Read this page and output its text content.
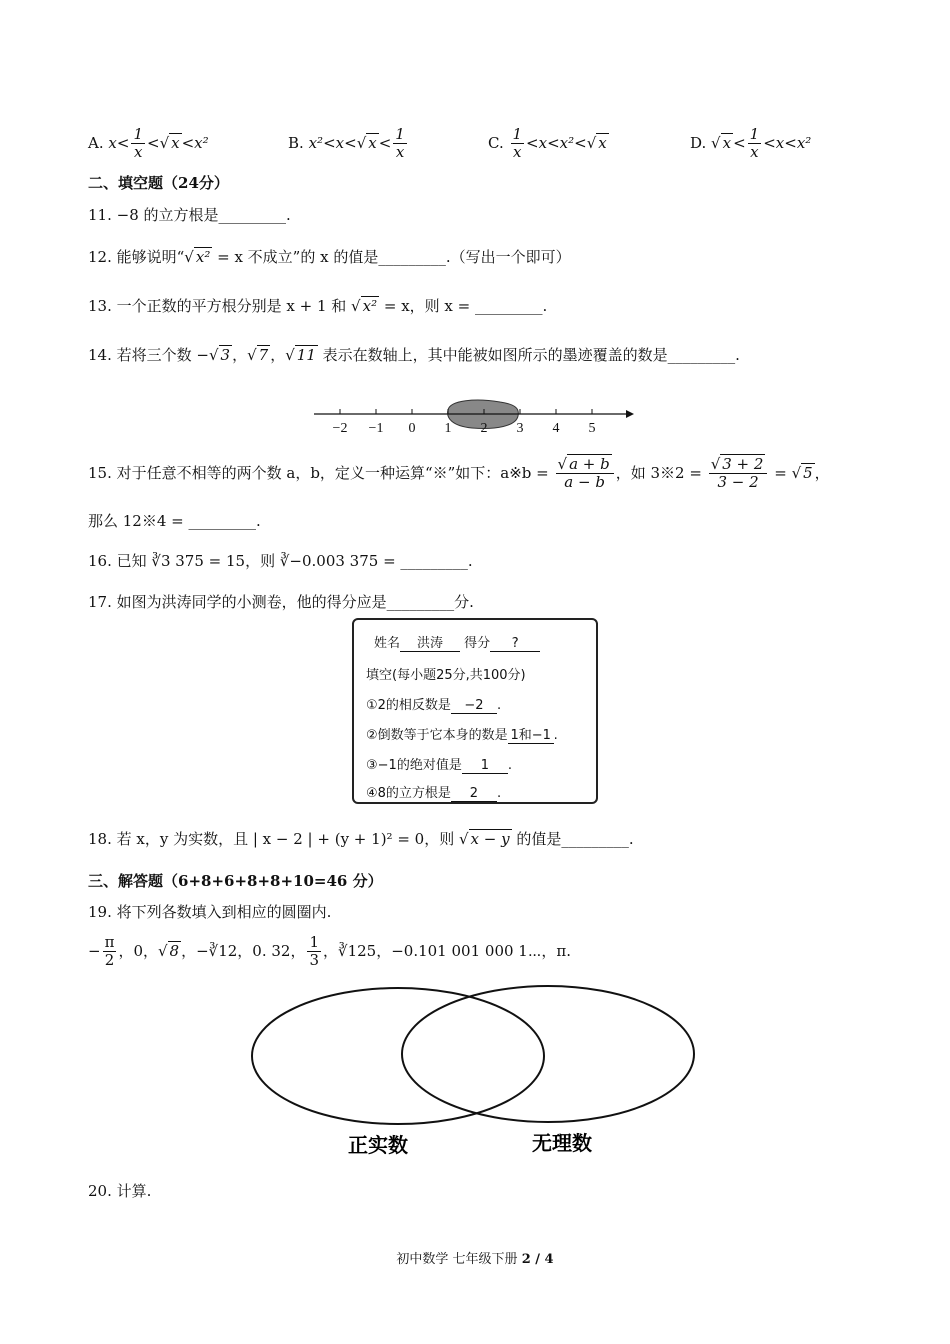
A. $x< \frac{1}{x}$ <√ x <x²	B. x²<x<√ $x < \frac{1}{x}$	C. $\frac{1}{x} <x<x^2<√$ x	D. √ $x < \frac{1}{x} <x<x^2$
二、填空题（24分）
11. −8 的立方根是_________.
12. 能够说明“√ x² = x 不成立”的 x 的值是_________.（写出一个即可）
13. 一个正数的平方根分别是 x + 1 和 √ x² = x，则 x = _________.
14. 若将三个数 −√ 3 ，√ 7 ，√ 11 表示在数轴上，其中能被如图所示的墨迹覆盖的数是_________.
−2 −1 0 1 2 3 4 5
15. 对于任意不相等的两个数 a，b，定义一种运算“※”如下：a※b = $\frac{√ a + b}{a - b}$ ，如 3※2 = $\frac{√ 3 + 2}{3 - 2}$ = √ 5 ，
那么 12※4 = _________.
16. 已知 ∛3 375 = 15，则 ∛−0.003 375 = _________.
17. 如图为洪涛同学的小测卷，他的得分应是_________分.
姓名 洪涛 得分 ?
填空(每小题25分,共100分)
①2的相反数是 −2 .
②倒数等于它本身的数是 1和−1 .
③−1的绝对值是 1 .
④8的立方根是 2 .
18. 若 x，y 为实数，且 | x − 2 | + (y + 1)² = 0，则 √ x − y 的值是_________.
三、解答题（6+8+6+8+8+10=46 分）
19. 将下列各数填入到相应的圆圈内.
− $\frac{\pi}{2}$ ，0，√ 8 ，−∛12，0. 32， $\frac{1}{3}$ ，∛125，−0.101 001 000 1⋯，π.
正实数	无理数
20. 计算.
初中数学 七年级下册 2 / 4
